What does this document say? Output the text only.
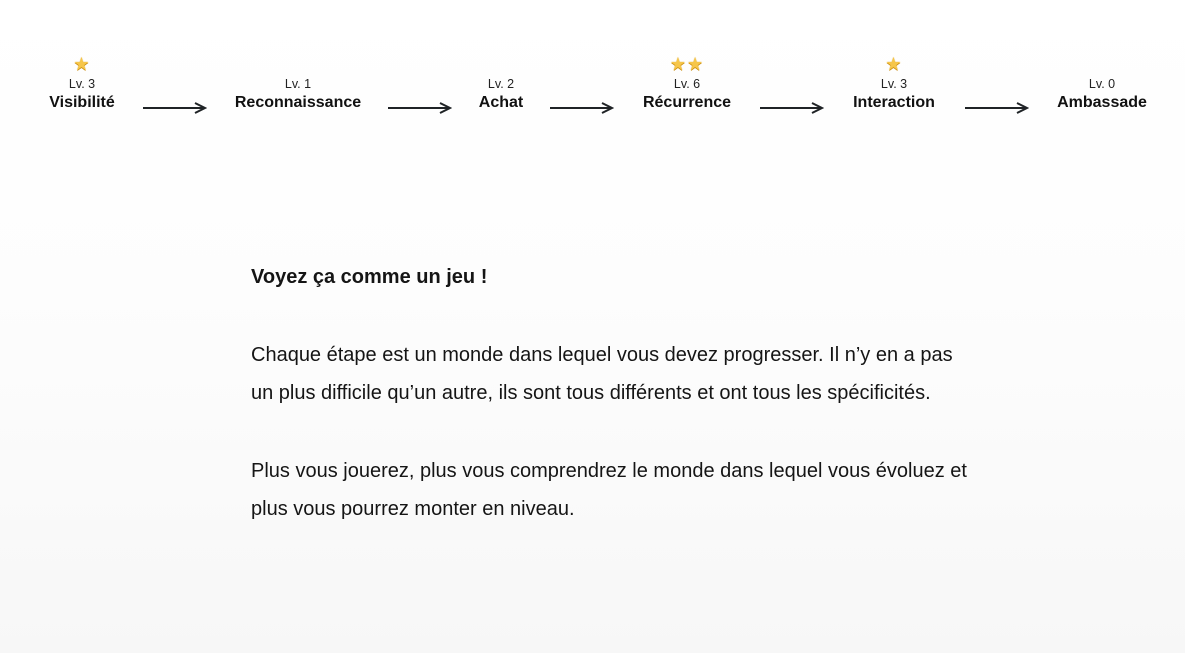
★
Lv. 3
Visibilité
Lv. 1
Reconnaissance
Lv. 2
Achat
★★
Lv. 6
Récurrence
★
Lv. 3
Interaction
Lv. 0
Ambassade

Voyez ça comme un jeu !

Chaque étape est un monde dans lequel vous devez progresser. Il n’y en a pas un plus difficile qu’un autre, ils sont tous différents et ont tous les spécificités.

Plus vous jouerez, plus vous comprendrez le monde dans lequel vous évoluez et plus vous pourrez monter en niveau.
